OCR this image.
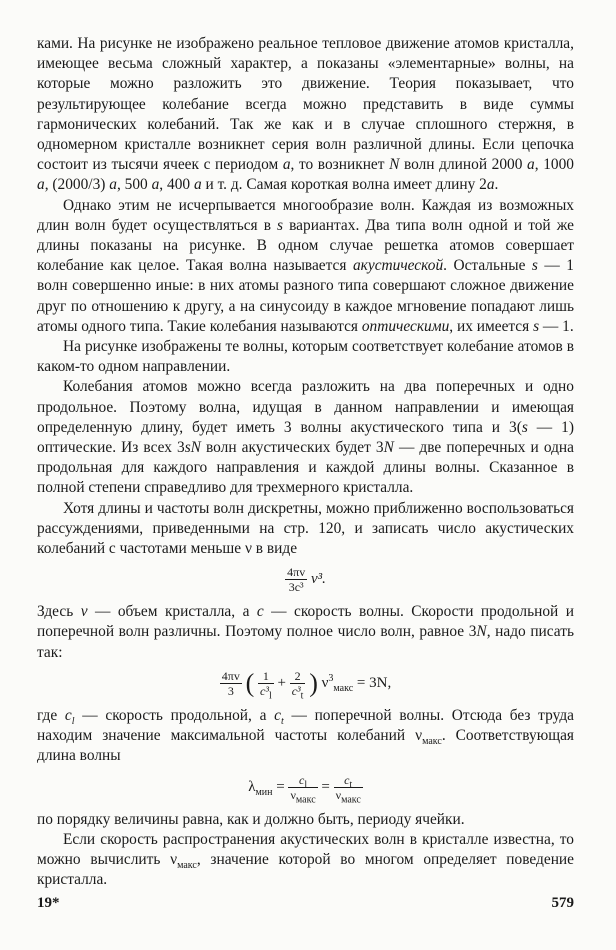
ками. На рисунке не изображено реальное тепловое движение атомов кристалла, имеющее весьма сложный характер, а показаны «элементарные» волны, на которые можно разложить это движение. Теория показывает, что результирующее колебание всегда можно представить в виде суммы гармонических колебаний. Так же как и в случае сплошного стержня, в одномерном кристалле возникнет серия волн различной длины. Если цепочка состоит из тысячи ячеек с периодом a, то возникнет N волн длиной 2000 a, 1000 a, (2000/3) a, 500 a, 400 a и т. д. Самая короткая волна имеет длину 2a.

Однако этим не исчерпывается многообразие волн. Каждая из возможных длин волн будет осуществляться в s вариантах. Два типа волн одной и той же длины показаны на рисунке. В одном случае решетка атомов совершает колебание как целое. Такая волна называется акустической. Остальные s — 1 волн совершенно иные: в них атомы разного типа совершают сложное движение друг по отношению к другу, а на синусоиду в каждое мгновение попадают лишь атомы одного типа. Такие колебания называются оптическими, их имеется s — 1.

На рисунке изображены те волны, которым соответствует колебание атомов в каком-то одном направлении.

Колебания атомов можно всегда разложить на два поперечных и одно продольное. Поэтому волна, идущая в данном направлении и имеющая определенную длину, будет иметь 3 волны акустического типа и 3(s — 1) оптические. Из всех 3sN волн акустических будет 3N — две поперечных и одна продольная для каждого направления и каждой длины волны. Сказанное в полной степени справедливо для трехмерного кристалла.

Хотя длины и частоты волн дискретны, можно приближенно воспользоваться рассуждениями, приведенными на стр. 120, и записать число акустических колебаний с частотами меньше ν в виде

$\frac{4\pi v}{\text{3c³}} \nu^3$.

Здесь v — объем кристалла, а c — скорость волны. Скорости продольной и поперечной волн различны. Поэтому полное число волн, равное 3N, надо писать так:

$\frac{4\pi v}{3}$ ( $\frac{1}{c^3_l} + \frac{2}{c^3_t}$ ) $\nu^3_{макс} = 3N$,

где $c_l$ — скорость продольной, а $c_t$ — поперечной волны. Отсюда без труда находим значение максимальной частоты колебаний $\nu_{макс}$. Соответствующая длина волны

$\lambda_{мин} = \frac{c_l}{\nu_{макс}} = \frac{c_t}{\nu_{макс}}$

по порядку величины равна, как и должно быть, периоду ячейки.

Если скорость распространения акустических волн в кристалле известна, то можно вычислить $\nu_{макс}$, значение которой во многом определяет поведение кристалла.

19*	579
